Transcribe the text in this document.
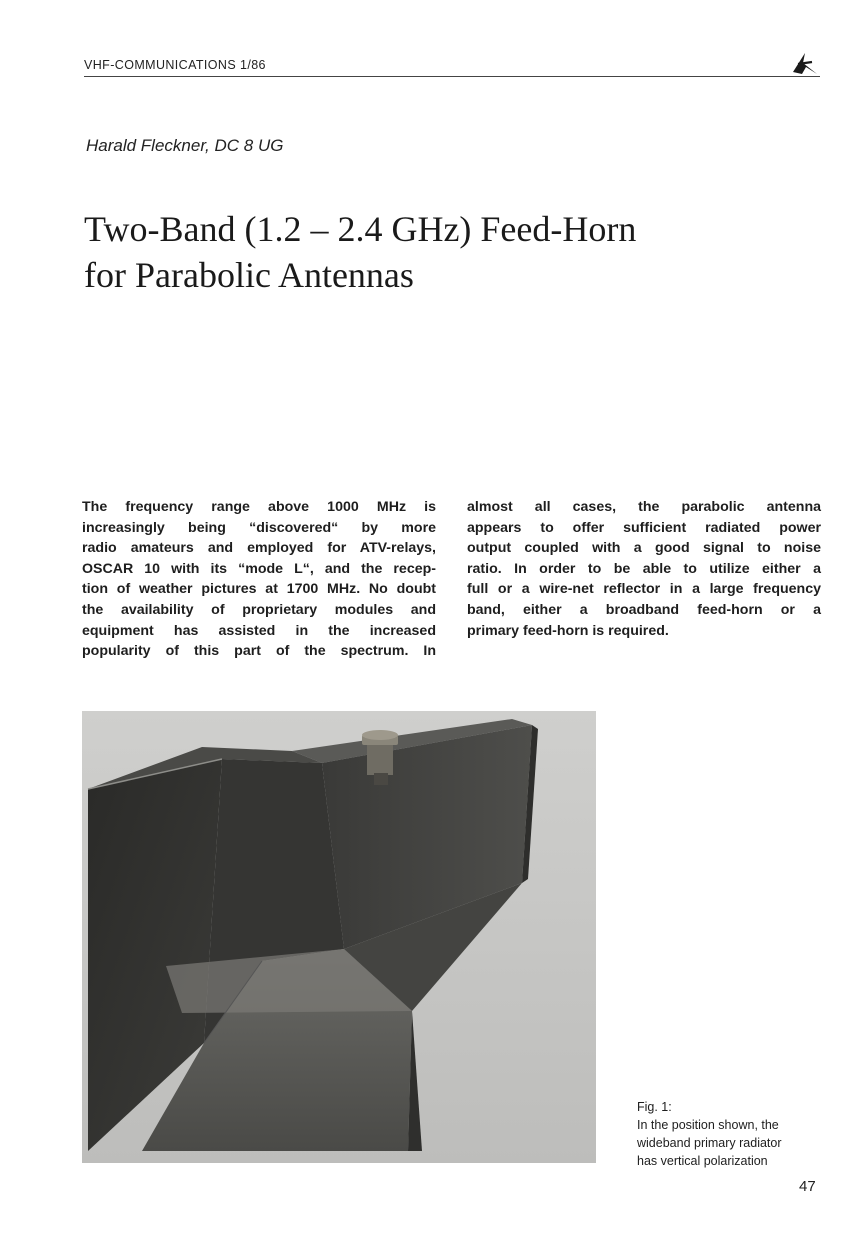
VHF-COMMUNICATIONS 1/86
Harald Fleckner, DC 8 UG
Two-Band (1.2 – 2.4 GHz) Feed-Horn
for Parabolic Antennas
The frequency range above 1000 MHz is
increasingly being “discovered“ by more
radio amateurs and employed for ATV-relays,
OSCAR 10 with its “mode L“, and the recep-
tion of weather pictures at 1700 MHz. No doubt
the availability of proprietary modules and
equipment has assisted in the increased
popularity of this part of the spectrum. In
almost all cases, the parabolic antenna
appears to offer sufficient radiated power
output coupled with a good signal to noise
ratio. In order to be able to utilize either a
full or a wire-net reflector in a large frequency
band, either a broadband feed-horn or a
primary feed-horn is required.
Fig. 1:
In the position shown, the
wideband primary radiator
has vertical polarization
47
